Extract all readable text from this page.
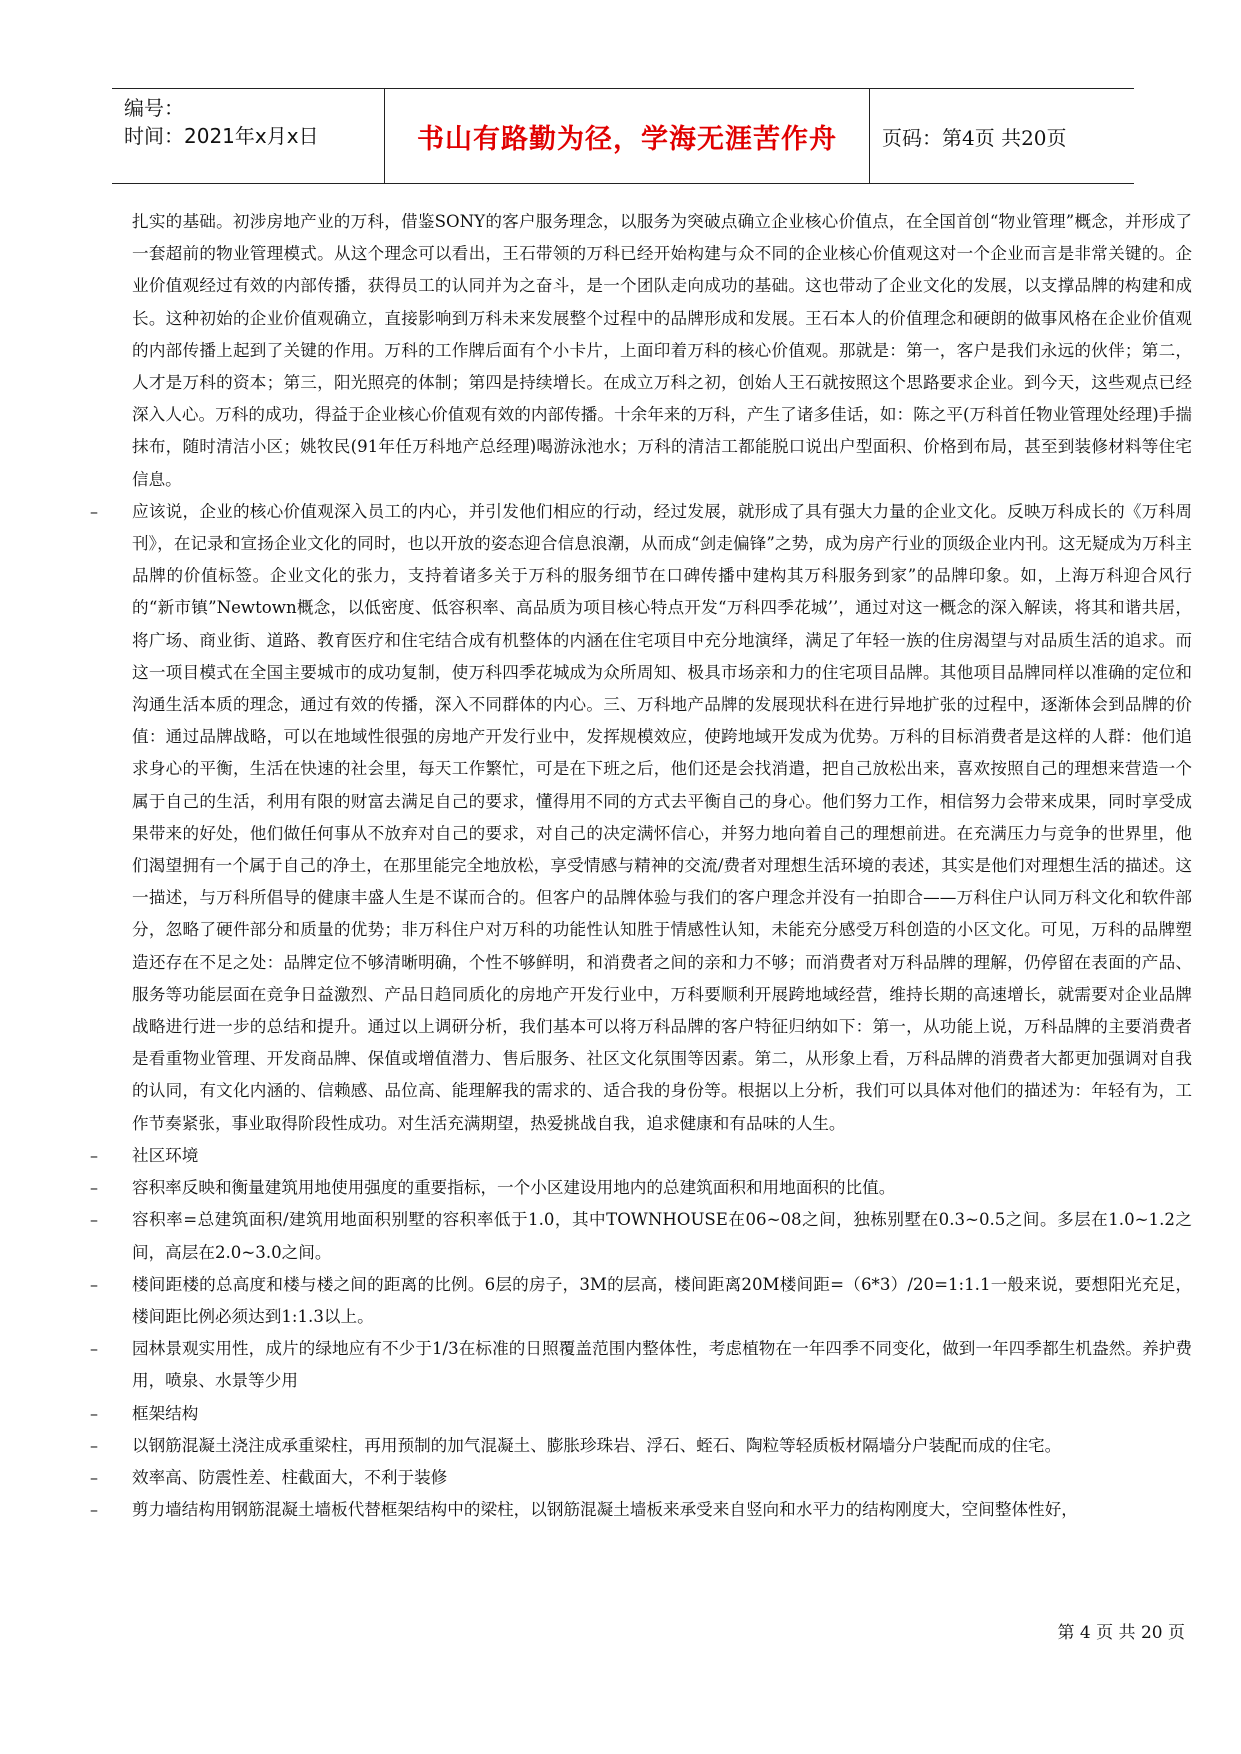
编号：
时间：2021年x月x日	书山有路勤为径，学海无涯苦作舟	页码：第4页 共20页

扎实的基础。初涉房地产业的万科，借鉴SONY的客户服务理念，以服务为突破点确立企业核心价值点，在全国首创“物业管理”概念，并形成了一套超前的物业管理模式。从这个理念可以看出，王石带领的万科已经开始构建与众不同的企业核心价值观这对一个企业而言是非常关键的。企业价值观经过有效的内部传播，获得员工的认同并为之奋斗，是一个团队走向成功的基础。这也带动了企业文化的发展，以支撑品牌的构建和成长。这种初始的企业价值观确立，直接影响到万科未来发展整个过程中的品牌形成和发展。王石本人的价值理念和硬朗的做事风格在企业价值观的内部传播上起到了关键的作用。万科的工作牌后面有个小卡片，上面印着万科的核心价值观。那就是：第一，客户是我们永远的伙伴；第二，人才是万科的资本；第三，阳光照亮的体制；第四是持续增长。在成立万科之初，创始人王石就按照这个思路要求企业。到今天，这些观点已经深入人心。万科的成功，得益于企业核心价值观有效的内部传播。十余年来的万科，产生了诸多佳话，如：陈之平(万科首任物业管理处经理)手揣抹布，随时清洁小区；姚牧民(91年任万科地产总经理)喝游泳池水；万科的清洁工都能脱口说出户型面积、价格到布局，甚至到装修材料等住宅信息。

–	应该说，企业的核心价值观深入员工的内心，并引发他们相应的行动，经过发展，就形成了具有强大力量的企业文化。反映万科成长的《万科周刊》，在记录和宣扬企业文化的同时，也以开放的姿态迎合信息浪潮，从而成“剑走偏锋”之势，成为房产行业的顶级企业内刊。这无疑成为万科主品牌的价值标签。企业文化的张力，支持着诸多关于万科的服务细节在口碑传播中建构其万科服务到家”的品牌印象。如，上海万科迎合风行的“新市镇”Newtown概念，以低密度、低容积率、高品质为项目核心特点开发“万科四季花城’’，通过对这一概念的深入解读，将其和谐共居，将广场、商业街、道路、教育医疗和住宅结合成有机整体的内涵在住宅项目中充分地演绎，满足了年轻一族的住房渴望与对品质生活的追求。而这一项目模式在全国主要城市的成功复制，使万科四季花城成为众所周知、极具市场亲和力的住宅项目品牌。其他项目品牌同样以准确的定位和沟通生活本质的理念，通过有效的传播，深入不同群体的内心。三、万科地产品牌的发展现状科在进行异地扩张的过程中，逐渐体会到品牌的价值：通过品牌战略，可以在地域性很强的房地产开发行业中，发挥规模效应，使跨地域开发成为优势。万科的目标消费者是这样的人群：他们追求身心的平衡，生活在快速的社会里，每天工作繁忙，可是在下班之后，他们还是会找消遣，把自己放松出来，喜欢按照自己的理想来营造一个属于自己的生活，利用有限的财富去满足自己的要求，懂得用不同的方式去平衡自己的身心。他们努力工作，相信努力会带来成果，同时享受成果带来的好处，他们做任何事从不放弃对自己的要求，对自己的决定满怀信心，并努力地向着自己的理想前进。在充满压力与竞争的世界里，他们渴望拥有一个属于自己的净土，在那里能完全地放松，享受情感与精神的交流/费者对理想生活环境的表述，其实是他们对理想生活的描述。这一描述，与万科所倡导的健康丰盛人生是不谋而合的。但客户的品牌体验与我们的客户理念并没有一拍即合——万科住户认同万科文化和软件部分，忽略了硬件部分和质量的优势；非万科住户对万科的功能性认知胜于情感性认知，未能充分感受万科创造的小区文化。可见，万科的品牌塑造还存在不足之处：品牌定位不够清晰明确，个性不够鲜明，和消费者之间的亲和力不够；而消费者对万科品牌的理解，仍停留在表面的产品、服务等功能层面在竞争日益激烈、产品日趋同质化的房地产开发行业中，万科要顺利开展跨地域经营，维持长期的高速增长，就需要对企业品牌战略进行进一步的总结和提升。通过以上调研分析，我们基本可以将万科品牌的客户特征归纳如下：第一，从功能上说，万科品牌的主要消费者是看重物业管理、开发商品牌、保值或增值潜力、售后服务、社区文化氛围等因素。第二，从形象上看，万科品牌的消费者大都更加强调对自我的认同，有文化内涵的、信赖感、品位高、能理解我的需求的、适合我的身份等。根据以上分析，我们可以具体对他们的描述为：年轻有为，工作节奏紧张，事业取得阶段性成功。对生活充满期望，热爱挑战自我，追求健康和有品味的人生。

–	社区环境

–	容积率反映和衡量建筑用地使用强度的重要指标，一个小区建设用地内的总建筑面积和用地面积的比值。

–	容积率=总建筑面积/建筑用地面积别墅的容积率低于1.0，其中TOWNHOUSE在06~08之间，独栋别墅在0.3~0.5之间。多层在1.0~1.2之间，高层在2.0~3.0之间。

–	楼间距楼的总高度和楼与楼之间的距离的比例。6层的房子，3M的层高，楼间距离20M楼间距=（6*3）/20=1:1.1一般来说，要想阳光充足，楼间距比例必须达到1:1.3以上。

–	园林景观实用性，成片的绿地应有不少于1/3在标准的日照覆盖范围内整体性，考虑植物在一年四季不同变化，做到一年四季都生机盎然。养护费用，喷泉、水景等少用

–	框架结构

–	以钢筋混凝土浇注成承重梁柱，再用预制的加气混凝土、膨胀珍珠岩、浮石、蛭石、陶粒等轻质板材隔墙分户装配而成的住宅。

–	效率高、防震性差、柱截面大，不利于装修

–	剪力墙结构用钢筋混凝土墙板代替框架结构中的梁柱，以钢筋混凝土墙板来承受来自竖向和水平力的结构刚度大，空间整体性好，

第 4 页 共 20 页
